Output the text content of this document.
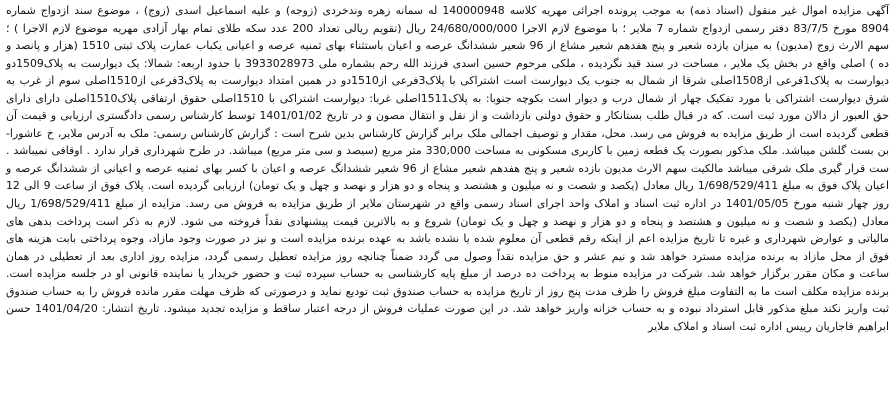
آگهی مزایده اموال غیر منقول (اسناد ذمه) به موجب پرونده اجرائی مهریه کلاسه 140000948 له سمانه زهره وندخردی (زوجه) و علیه اسماعیل اسدی (زوج) ، موضوع سند ازدواج شماره 8904 مورخ 83/7/5 دفتر رسمی ازدواج شماره 7 ملایر ؛ با موضوع لازم الاجرا 24/680/000/000 ریال (تقویم ریالی تعداد 200 عدد سکه طلای تمام بهار آزادی مهریه موضوع لازم الاجرا ) ؛ سهم الارث زوج (مدیون) به میزان یازده شعیر و پنج هفدهم شعیر مشاع از 96 شعیر ششدانگ عرصه و اعیان باستثناء بهای ثمنیه عرصه و اعیانی یکباب عمارت پلاک ثبتی 1510 (هزار و پانصد و ده ) اصلی واقع در بخش یک ملایر ، مساحت در سند قید نگردیده ، ملکی مرحوم حسین اسدی فرزند الله رحم بشماره ملی 3933028973 با حدود اربعه: شمالا: یک دیوارست به پلاک1509دو دیوارست به پلاک1فرعی از1508اصلی شرقا از شمال به جنوب یک دیوارست است اشتراکی با پلاک3فرعی از1510دو در همین امتداد دیوارست به پلاک3فرعی از1510اصلی سوم از غرب به شرق دیوارست اشتراکی با مورد تفکیک چهار از شمال درب و دیوار است بکوچه جنوبا: به پلاک1511اصلی غربا: دیوارست اشتراکی با 1510اصلی حقوق ارتفاقی پلاک1510اصلی دارای دارای حق العبور از دالان مورد ثبت است. که در قبال طلب بستانکار و حقوق دولتی بازداشت و از نقل و انتقال مصون و در تاریخ 1401/01/02 توسط کارشناس رسمی دادگستری ارزیابی و قیمت آن قطعی گردیده است از طریق مزایده به فروش می رسد. محل، مقدار و توصیف اجمالی ملک برابر گزارش کارشناس بدین شرح است : گزارش کارشناس رسمی: ملک به آدرس ملایر، خ عاشورا- بن بست گلشن میباشد. ملک مذکور بصورت یک قطعه زمین با کاربری مسکونی به مساحت 330,000 متر مربع (سیصد و سی متر مربع) میباشد. در طرح شهرداری قرار ندارد . اوقافی نمیباشد . ست قرار گیری ملک شرقی میباشد مالکیت سهم الارث مدیون بازده شعیر و پنج هفدهم شعیر مشاع از 96 شعیر ششدانگ عرصه و اعیان با کسر بهای ثمنیه عرصه و اعیانی از ششدانگ عرصه و اعیان پلاک فوق به مبلغ 1/698/529/411 ریال معادل (یکصد و شصت و نه میلیون و هشتصد و پنجاه و دو هزار و نهصد و چهل و یک تومان) ارزیابی گردیده است. پلاک فوق از ساعت 9 الی 12 روز چهار شنبه مورخ 1401/05/05 در اداره ثبت اسناد و املاک واحد اجرای اسناد رسمی واقع در شهرستان ملایر از طریق مزایده به فروش می رسد. مزایده از مبلغ 1/698/529/411 ریال معادل (یکصد و شصت و نه میلیون و هشتصد و پنجاه و دو هزار و نهصد و چهل و یک تومان) شروع و به بالاترین قیمت پیشنهادی نقداً فروخته می شود. لازم به ذکر است پرداخت بدهی های مالیاتی و عوارض شهرداری و غیره تا تاریخ مزایده اعم از اینکه رقم قطعی آن معلوم شده یا نشده باشد به عهده برنده مزایده است و نیز در صورت وجود مازاد، وجوه پرداختی بابت هزینه های فوق از محل مازاد به برنده مزایده مسترد خواهد شد و نیم عشر و حق مزایده نقداً وصول می گردد ضمناً چنانچه روز مزایده تعطیل رسمی گردد، مزایده روز اداری بعد از تعطیلی در همان ساعت و مکان مقرر برگزار خواهد شد. شرکت در مزایده منوط به پرداخت ده درصد از مبلغ پایه کارشناسی به حساب سپرده ثبت و حضور خریدار یا نماینده قانونی او در جلسه مزایده است. برنده مزایده مکلف است ما به التفاوت مبلغ فروش را ظرف مدت پنج روز از تاریخ مزایده به حساب صندوق ثبت تودیع نماید و درصورتی که ظرف مهلت مقرر مانده فروش را به حساب صندوق ثبت واریز نکند مبلغ مذکور قابل استرداد نبوده و به حساب خزانه واریز خواهد شد. در این صورت عملیات فروش از درجه اعتبار ساقط و مزایده تجدید میشود. تاریخ انتشار: 1401/04/20 حسن ابراهیم قاجاریان رییس اداره ثبت اسناد و املاک ملایر
